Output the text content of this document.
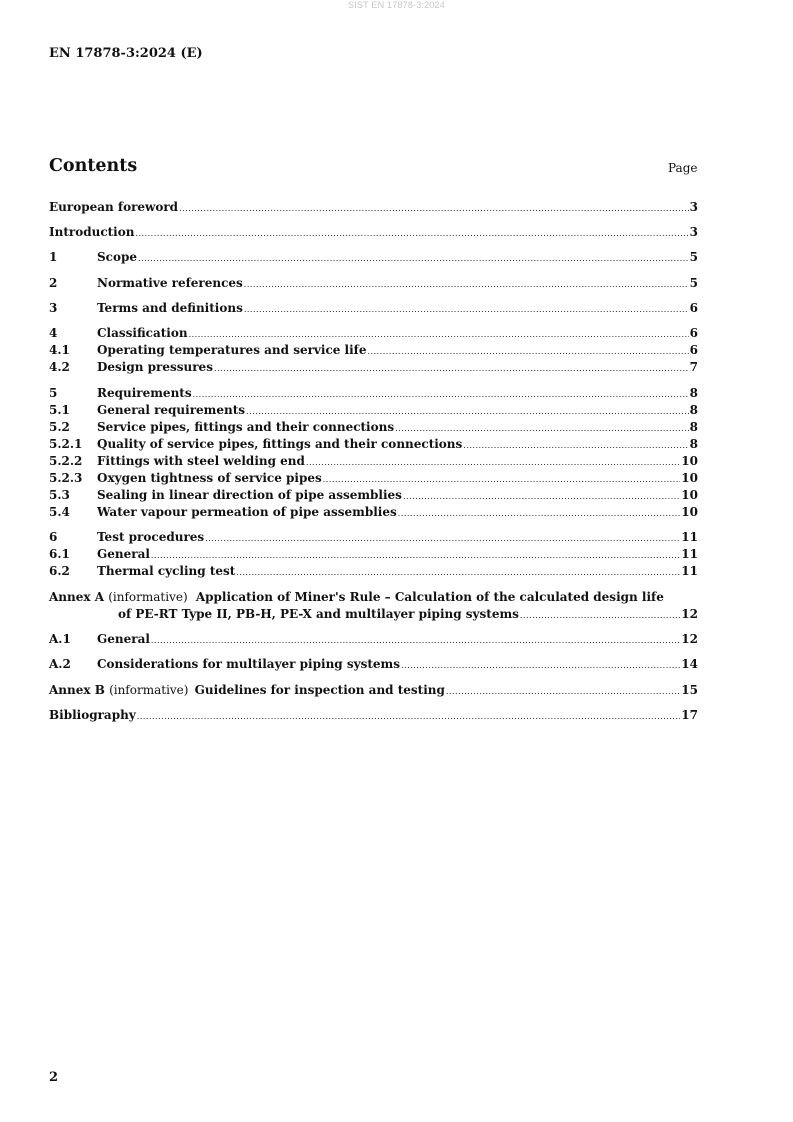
SIST EN 17878-3:2024
EN 17878-3:2024 (E)
Contents	Page
European foreword .....	3
Introduction .....	3
1	Scope .....	5
2	Normative references .....	5
3	Terms and definitions .....	6
4	Classification .....	6
4.1	Operating temperatures and service life .....	6
4.2	Design pressures .....	7
5	Requirements .....	8
5.1	General requirements .....	8
5.2	Service pipes, fittings and their connections .....	8
5.2.1	Quality of service pipes, fittings and their connections .....	8
5.2.2	Fittings with steel welding end .....	10
5.2.3	Oxygen tightness of service pipes .....	10
5.3	Sealing in linear direction of pipe assemblies .....	10
5.4	Water vapour permeation of pipe assemblies .....	10
6	Test procedures .....	11
6.1	General .....	11
6.2	Thermal cycling test .....	11
Annex A (informative) Application of Miner's Rule – Calculation of the calculated design life
of PE-RT Type II, PB-H, PE-X and multilayer piping systems .....	12
A.1	General .....	12
A.2	Considerations for multilayer piping systems .....	14
Annex B (informative) Guidelines for inspection and testing .....	15
Bibliography .....	17
2
